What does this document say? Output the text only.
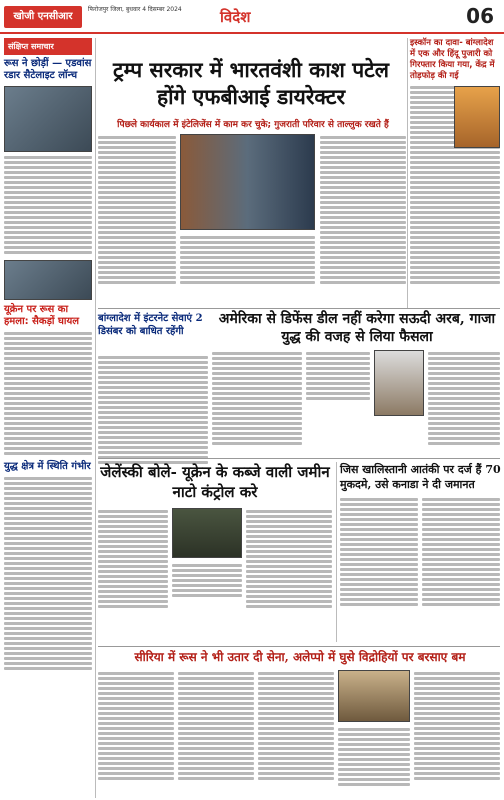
खोजी एनसीआर
फिरोजपुर जिला, बुधवार 4 दिसम्बर 2024	विदेश	06
संक्षिप्त समाचार
रूस ने छोड़ीं — एडवांस रडार सैटेलाइट लॉन्च
यूक्रेन पर रूस का हमला: सैकड़ों घायल
युद्ध क्षेत्र में स्थिति गंभीर
ट्रम्प सरकार में भारतवंशी काश पटेल होंगे एफबीआई डायरेक्टर
पिछले कार्यकाल में इंटेलिजेंस में काम कर चुके; गुजराती परिवार से ताल्लुक रखते हैं
इस्कॉन का दावा- बांग्लादेश में एक और हिंदू पुजारी को गिरफ्तार किया गया, केंद्र में तोड़फोड़ की गई
बांग्लादेश में इंटरनेट सेवाएं 2 डिसंबर को बाधित रहेंगी
अमेरिका से डिफेंस डील नहीं करेगा सऊदी अरब, गाजा युद्ध की वजह से लिया फैसला
जेलेंस्की बोले- यूक्रेन के कब्जे वाली जमीन नाटो कंट्रोल करे
जिस खालिस्तानी आतंकी पर दर्ज हैं 70 मुकदमे, उसे कनाडा ने दी जमानत
सीरिया में रूस ने भी उतार दी सेना, अलेप्पो में घुसे विद्रोहियों पर बरसाए बम
